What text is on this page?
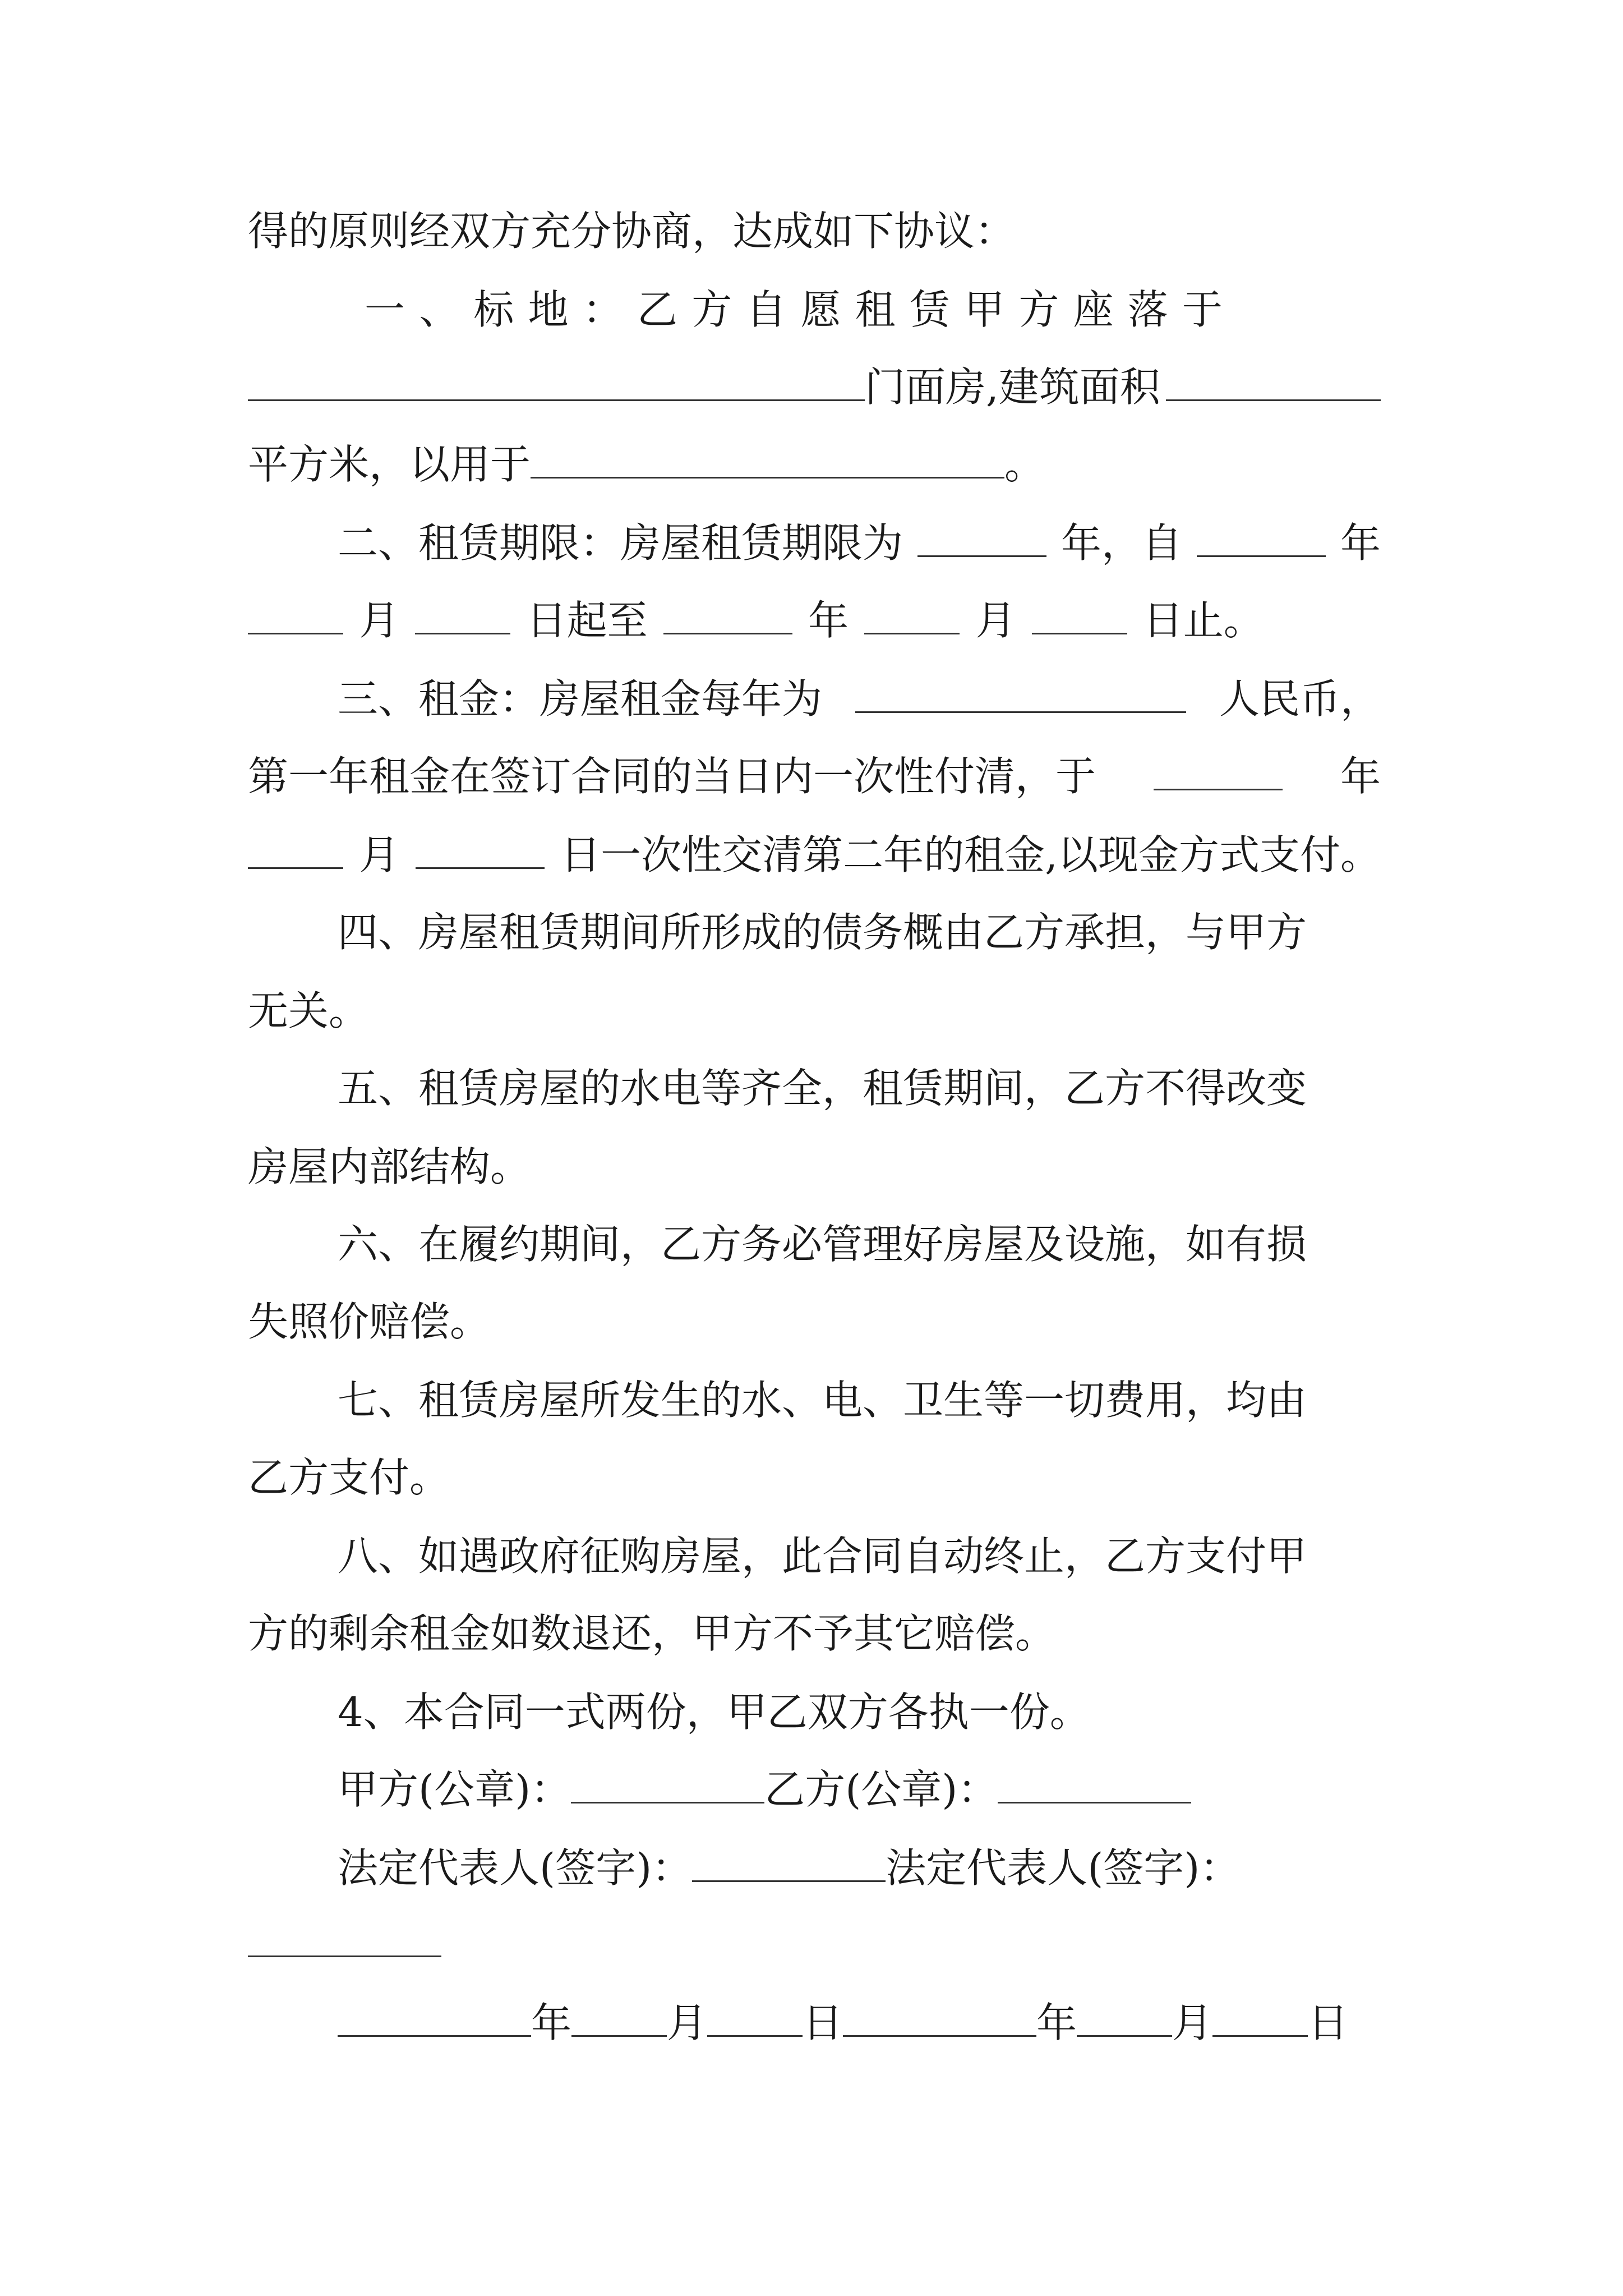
得的原则经双方充分协商，达成如下协议：
一、标地：乙方自愿租赁甲方座落于
门面房,建筑面积
平方米，以用于	。
二、租赁期限：房屋租赁期限为	年，自	年
月	日起至	年	月	日止。
三、租金：房屋租金每年为	人民币，
第一年租金在签订合同的当日内一次性付清，于	年
月	日一次性交清第二年的租金,以现金方式支付。
四、房屋租赁期间所形成的债务概由乙方承担，与甲方
无关。
五、租赁房屋的水电等齐全，租赁期间，乙方不得改变
房屋内部结构。
六、在履约期间，乙方务必管理好房屋及设施，如有损
失照价赔偿。
七、租赁房屋所发生的水、电、卫生等一切费用，均由
乙方支付。
八、如遇政府征购房屋，此合同自动终止，乙方支付甲
方的剩余租金如数退还，甲方不予其它赔偿。
4、本合同一式两份，甲乙双方各执一份。
甲方(公章)：	乙方(公章)：
法定代表人(签字)：	法定代表人(签字)：
年 月 日	年 月 日
